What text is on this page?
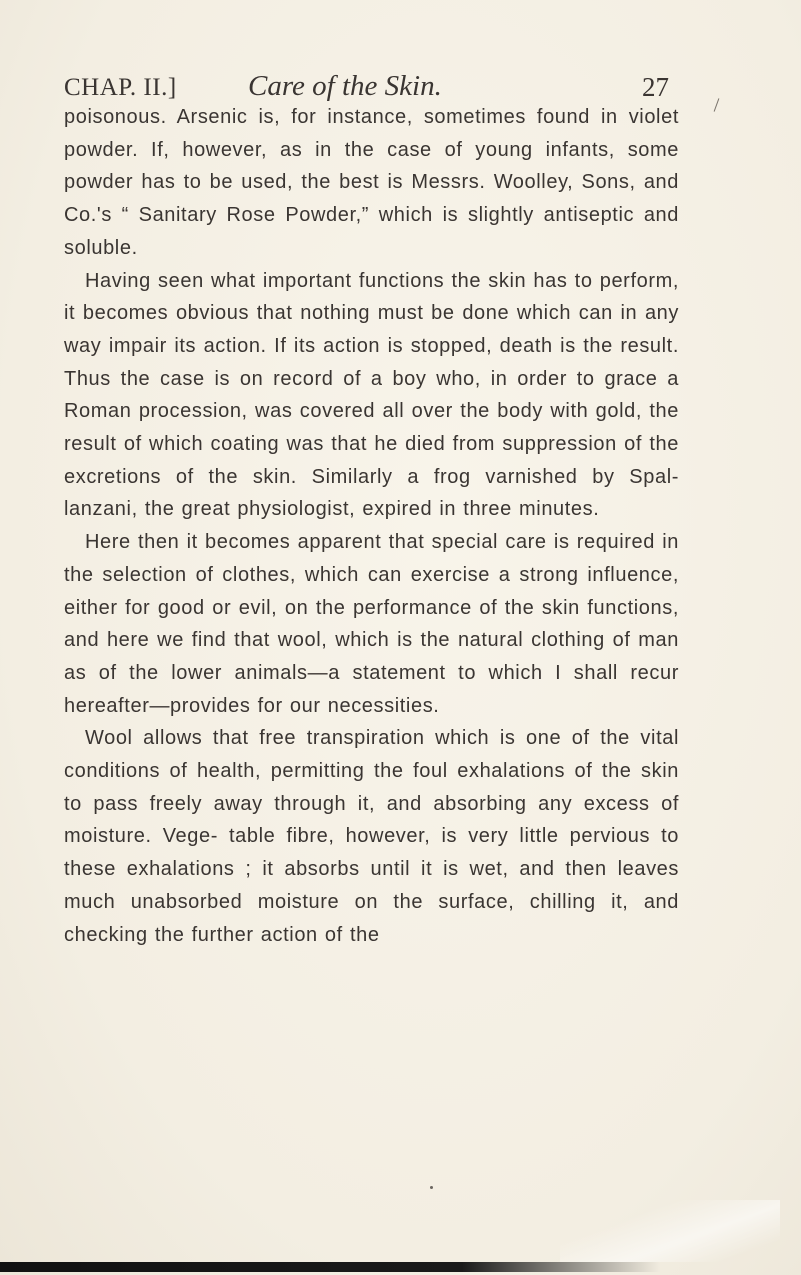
CHAP. II.] Care of the Skin.	27

poisonous. Arsenic is, for instance, sometimes found in violet powder. If, however, as in the case of young infants, some powder has to be used, the best is Messrs. Woolley, Sons, and Co.'s “ Sanitary Rose Powder,” which is slightly antiseptic and soluble.

Having seen what important functions the skin has to perform, it becomes obvious that nothing must be done which can in any way impair its action. If its action is stopped, death is the result. Thus the case is on record of a boy who, in order to grace a Roman procession, was covered all over the body with gold, the result of which coating was that he died from suppression of the excretions of the skin. Similarly a frog varnished by Spal- lanzani, the great physiologist, expired in three minutes.

Here then it becomes apparent that special care is required in the selection of clothes, which can exercise a strong influence, either for good or evil, on the performance of the skin functions, and here we find that wool, which is the natural clothing of man as of the lower animals—a statement to which I shall recur hereafter—provides for our necessities.

Wool allows that free transpiration which is one of the vital conditions of health, permitting the foul exhalations of the skin to pass freely away through it, and absorbing any excess of moisture. Vege- table fibre, however, is very little pervious to these exhalations ; it absorbs until it is wet, and then leaves much unabsorbed moisture on the surface, chilling it, and checking the further action of the
